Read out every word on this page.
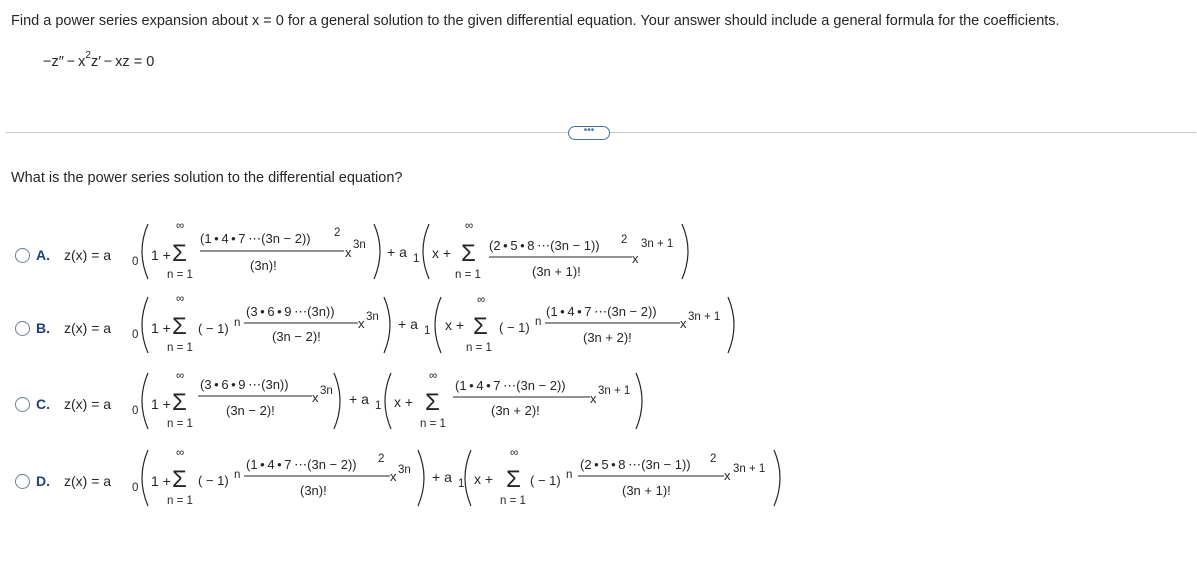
Find a power series expansion about x = 0 for a general solution to the given differential equation. Your answer should include a general formula for the coefficients.
$-z'' - x^2z'$ − xz = 0
•••
What is the power series solution to the differential equation?
A. z(x) = a 0 1 +
∞
Σ
n = 1
(1 • 4 • 7 ⋯(3n − 2)) 2
(3n)!
x 3n + a 1 x +
∞
Σ
n = 1
(2 • 5 • 8 ⋯(3n − 1)) 2
(3n + 1)!
x
3n + 1
B. z(x) = a 0 1 +
∞
Σ
n = 1
( − 1) n
(3 • 6 • 9 ⋯(3n))
(3n − 2)!
x 3n + a 1 x +
∞
Σ
n = 1
( − 1) n
(1 • 4 • 7 ⋯(3n − 2))
(3n + 2)!
x 3n + 1
C. z(x) = a 0 1 +
∞
Σ
n = 1
(3 • 6 • 9 ⋯(3n))
(3n − 2)!
x 3n + a 1 x +
∞
Σ
n = 1
(1 • 4 • 7 ⋯(3n − 2))
(3n + 2)!
x 3n + 1
D. z(x) = a 0 1 +
∞
Σ
n = 1
( − 1) n
(1 • 4 • 7 ⋯(3n − 2)) 2
(3n)!
x 3n + a 1 x +
∞
Σ
n = 1
( − 1) n
(2 • 5 • 8 ⋯(3n − 1)) 2
(3n + 1)!
x 3n + 1
